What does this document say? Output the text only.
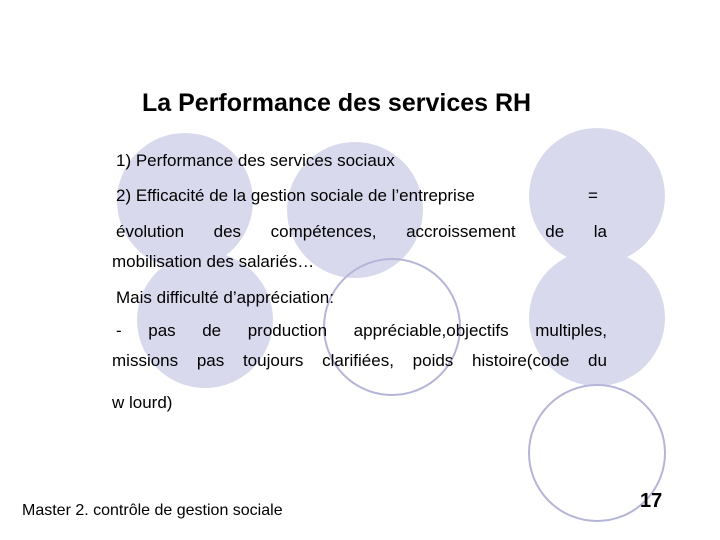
La Performance des services RH
1) Performance des services sociaux
2) Efficacité de la gestion sociale de l’entreprise	=
évolution des compétences, accroissement de la
mobilisation des salariés…
Mais difficulté d’appréciation:
- pas de production appréciable,objectifs multiples,
missions pas toujours clarifiées, poids histoire(code du
w lourd)
Master 2. contrôle de gestion sociale	17
